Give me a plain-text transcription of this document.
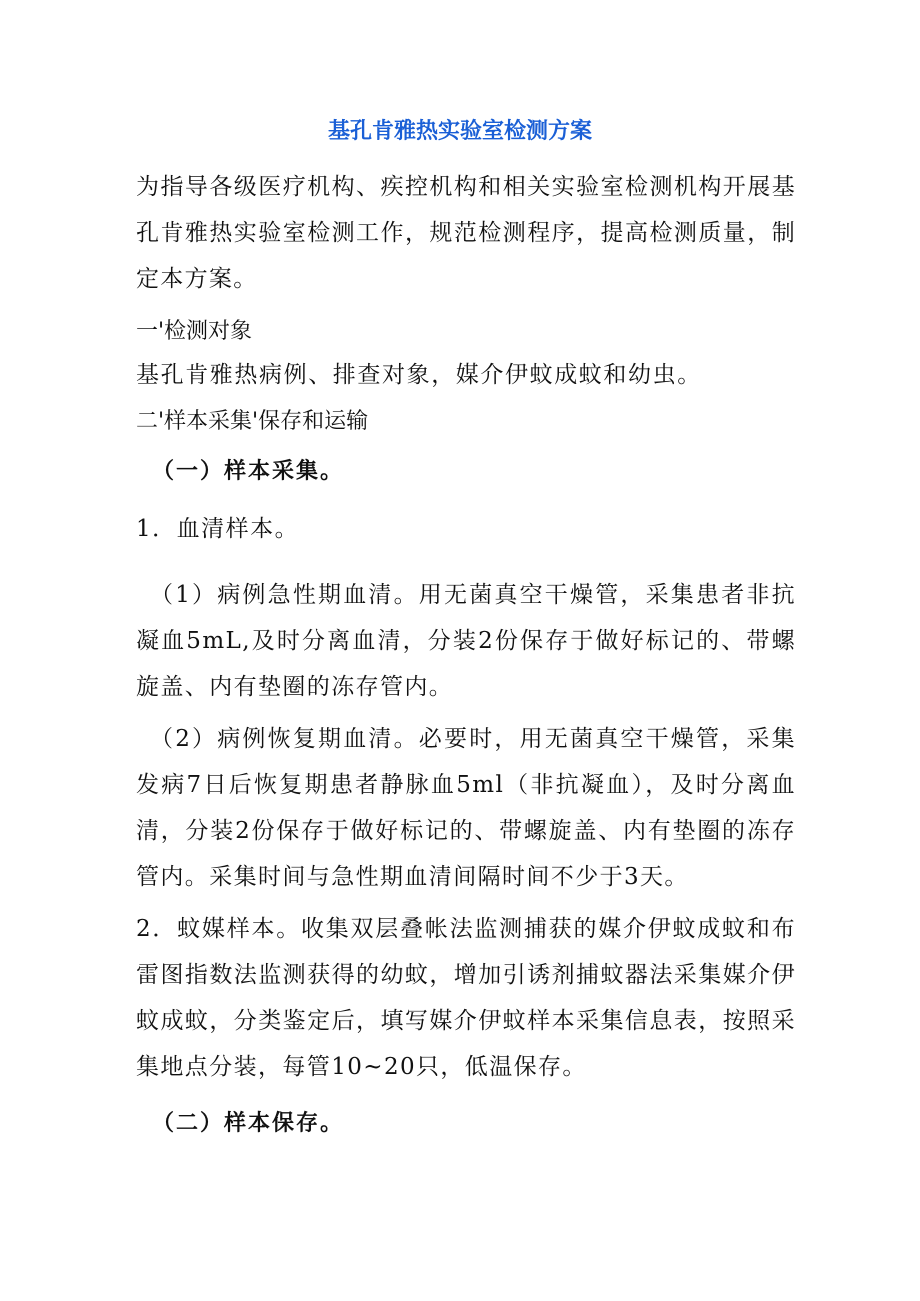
基孔肯雅热实验室检测方案
为指导各级医疗机构、疾控机构和相关实验室检测机构开展基孔肯雅热实验室检测工作，规范检测程序，提高检测质量，制定本方案。
一'检测对象
基孔肯雅热病例、排查对象，媒介伊蚊成蚊和幼虫。
二'样本采集'保存和运输
（一）样本采集。
1．血清样本。
（1）病例急性期血清。用无菌真空干燥管，采集患者非抗凝血5mL,及时分离血清，分装2份保存于做好标记的、带螺旋盖、内有垫圈的冻存管内。
（2）病例恢复期血清。必要时，用无菌真空干燥管，采集发病7日后恢复期患者静脉血5ml（非抗凝血），及时分离血清，分装2份保存于做好标记的、带螺旋盖、内有垫圈的冻存管内。采集时间与急性期血清间隔时间不少于3天。
2．蚊媒样本。收集双层叠帐法监测捕获的媒介伊蚊成蚊和布雷图指数法监测获得的幼蚊，增加引诱剂捕蚊器法采集媒介伊蚊成蚊，分类鉴定后，填写媒介伊蚊样本采集信息表，按照采集地点分装，每管10~20只，低温保存。
（二）样本保存。
